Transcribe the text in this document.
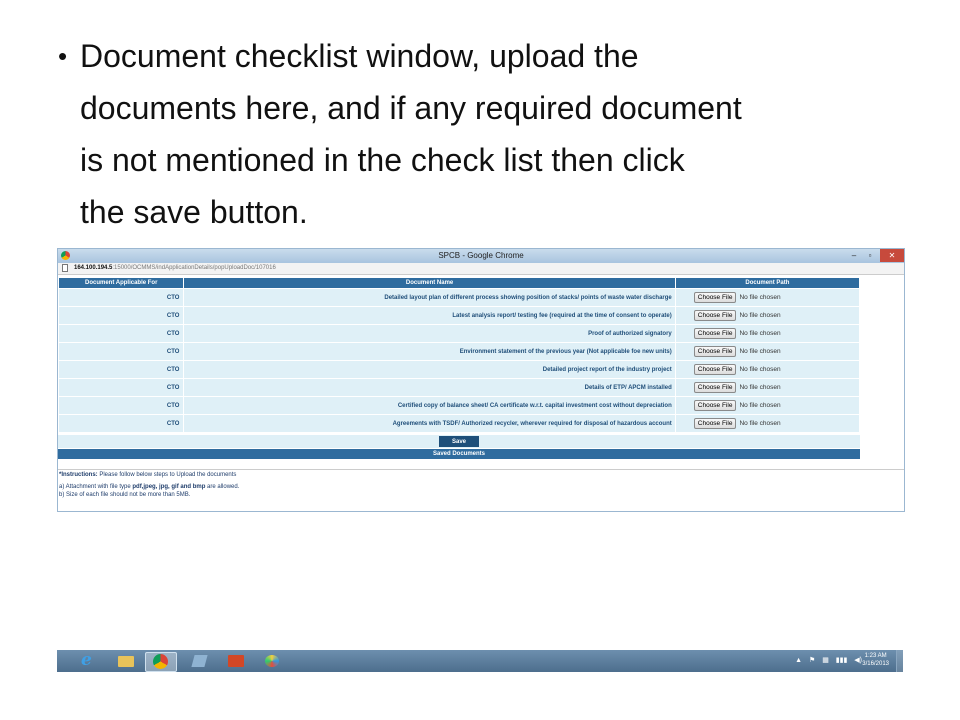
• Document checklist window, upload the
documents here, and if any required document
is not mentioned in the check list then click
the save button.
SPCB - Google Chrome	–	▫	✕
164.100.194.5:15000/OCMMS/indApplicationDetails/popUploadDoc/107016
Document Applicable For	Document Name	Document Path
CTO	Detailed layout plan of different process showing position of stacks/ points of waste water discharge	Choose File No file chosen
CTO	Latest analysis report/ testing fee (required at the time of consent to operate)	Choose File No file chosen
CTO	Proof of authorized signatory	Choose File No file chosen
CTO	Environment statement of the previous year (Not applicable foe new units)	Choose File No file chosen
CTO	Detailed project report of the industry project	Choose File No file chosen
CTO	Details of ETP/ APCM installed	Choose File No file chosen
CTO	Certified copy of balance sheet/ CA certificate w.r.t. capital investment cost without depreciation	Choose File No file chosen
CTO	Agreements with TSDF/ Authorized recycler, wherever required for disposal of hazardous account	Choose File No file chosen
Save
Saved Documents
*Instructions: Please follow below steps to Upload the documents
a) Attachment with file type pdf,jpeg, jpg, gif and bmp are allowed.
b) Size of each file should not be more than 5MB.
e	▲ ⚑ ▦ ▮▮▮ ◀)
1:23 AM
3/16/2013
